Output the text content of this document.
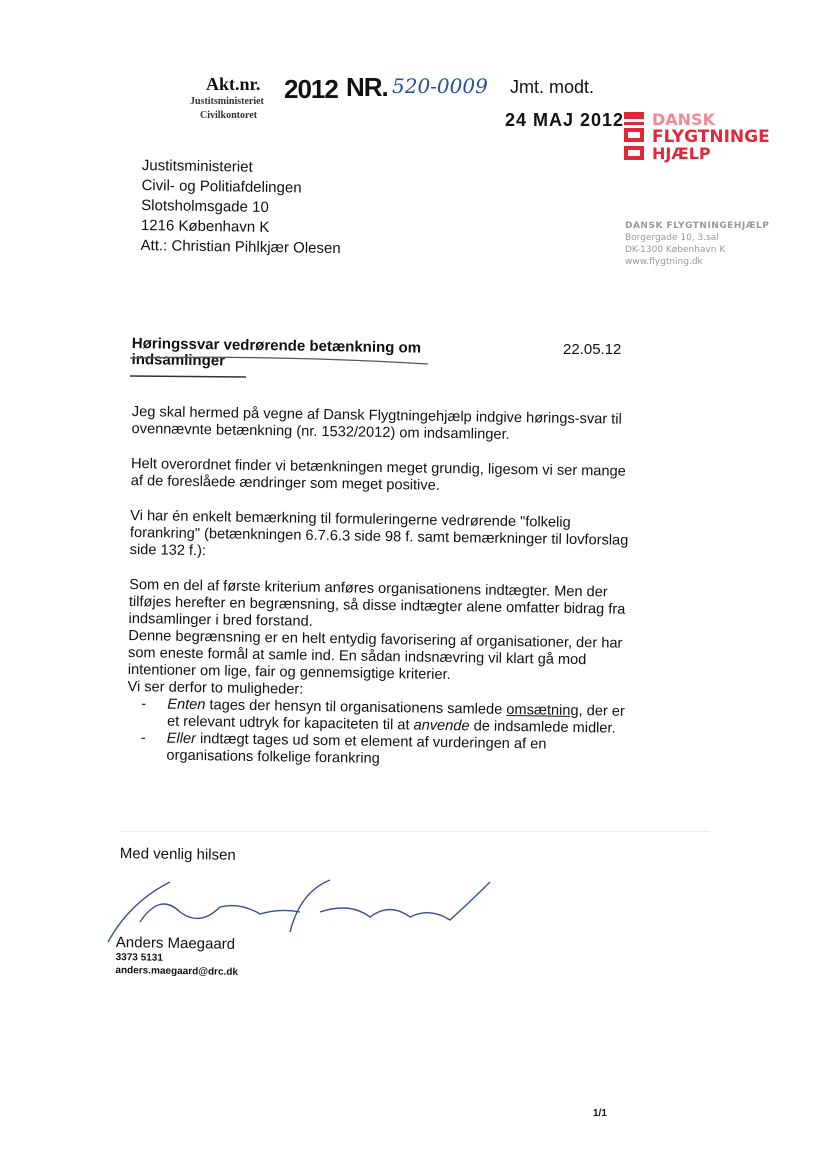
Akt.nr.
Justitsministeriet
Civilkontoret
2012 NR. 520-0009 Jmt. modt.
24 MAJ 2012 DANSK
FLYGTNINGE
HJÆLP
Justitsministeriet
Civil- og Politiafdelingen
Slotsholmsgade 10
1216 København K
Att.: Christian Pihlkjær Olesen
DANSK FLYGTNINGEHJÆLP
Borgergade 10, 3.sal
DK-1300 København K
www.flygtning.dk
Høringssvar vedrørende betænkning om indsamlinger
22.05.12

Jeg skal hermed på vegne af Dansk Flygtningehjælp indgive hørings-svar til ovennævnte betænkning (nr. 1532/2012) om indsamlinger.

Helt overordnet finder vi betænkningen meget grundig, ligesom vi ser mange af de foreslåede ændringer som meget positive.

Vi har én enkelt bemærkning til formuleringerne vedrørende "folkelig forankring" (betænkningen 6.7.6.3 side 98 f. samt bemærkninger til lovforslag side 132 f.):

Som en del af første kriterium anføres organisationens indtægter. Men der tilføjes herefter en begrænsning, så disse indtægter alene omfatter bidrag fra indsamlinger i bred forstand.

Denne begrænsning er en helt entydig favorisering af organisationer, der har som eneste formål at samle ind. En sådan indsnævring vil klart gå mod intentioner om lige, fair og gennemsigtige kriterier.

Vi ser derfor to muligheder:

- Enten tages der hensyn til organisationens samlede omsætning, der er et relevant udtryk for kapaciteten til at anvende de indsamlede midler.
- Eller indtægt tages ud som et element af vurderingen af en organisations folkelige forankring
Med venlig hilsen
Anders Maegaard
3373 5131
anders.maegaard@drc.dk
1/1
